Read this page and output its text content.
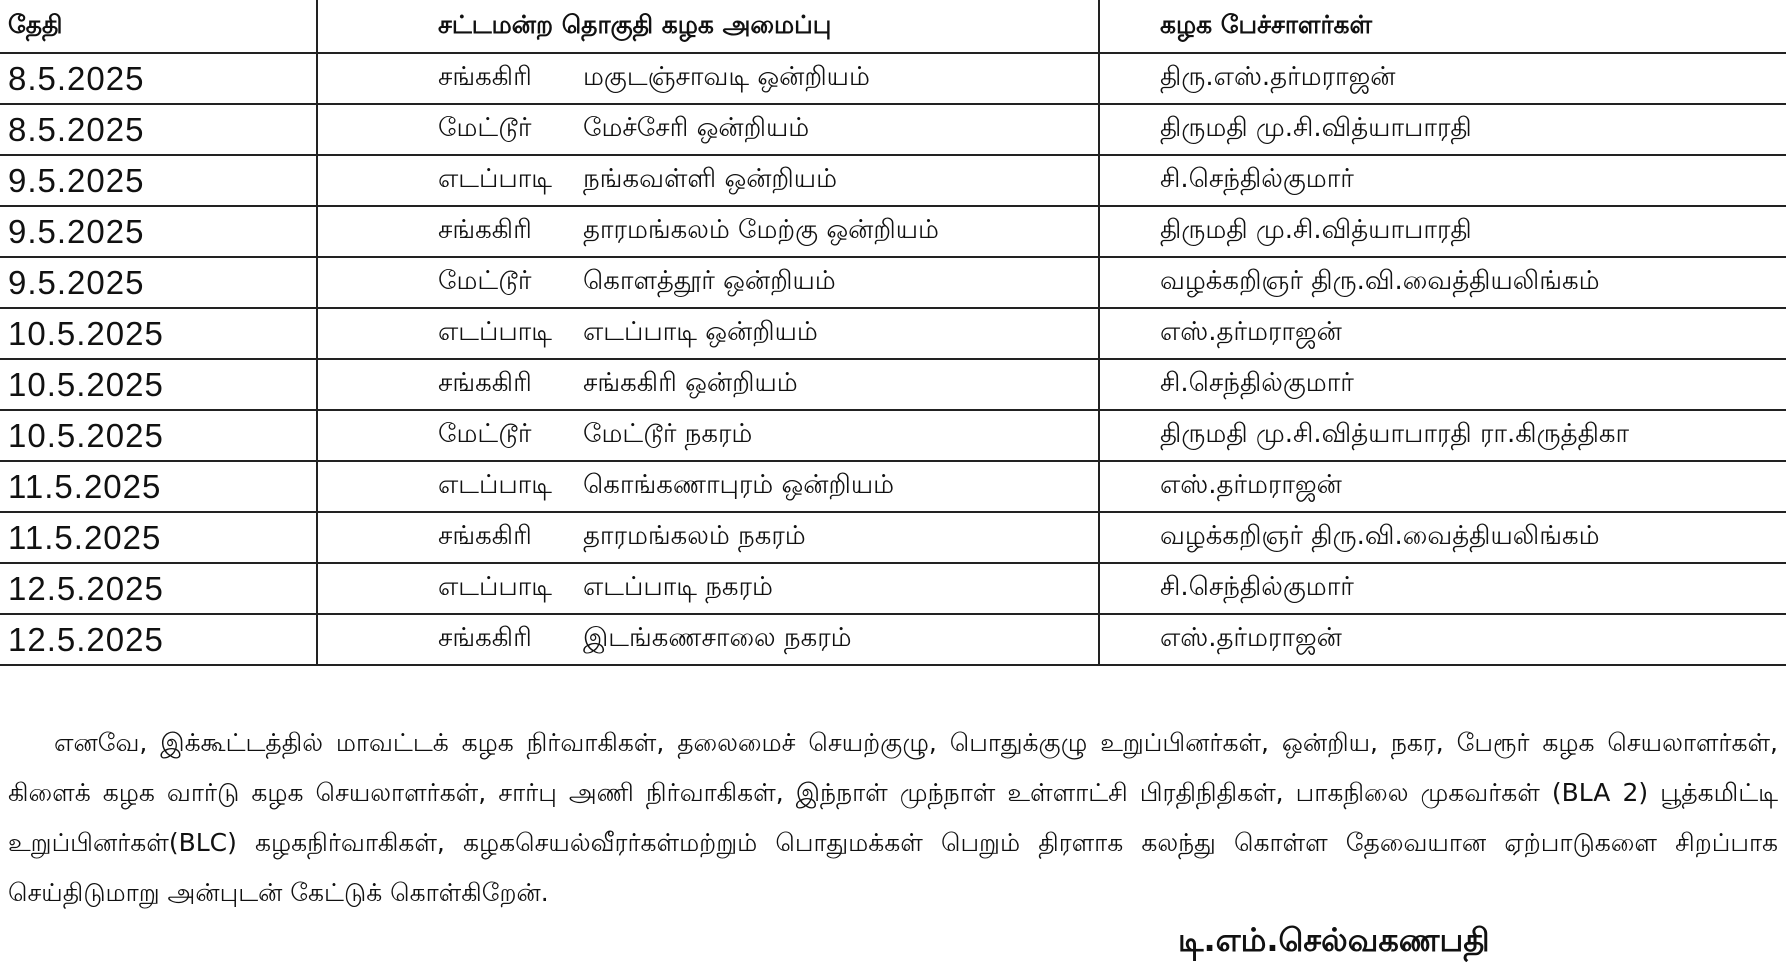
தேதி	சட்டமன்ற தொகுதி கழக அமைப்பு	கழக பேச்சாளர்கள்
8.5.2025	சங்ககிரி மகுடஞ்சாவடி ஒன்றியம்	திரு.எஸ்.தர்மராஜன்
8.5.2025	மேட்டூர் மேச்சேரி ஒன்றியம்	திருமதி மு.சி.வித்யாபாரதி
9.5.2025	எடப்பாடி நங்கவள்ளி ஒன்றியம்	சி.செந்தில்குமார்
9.5.2025	சங்ககிரி தாரமங்கலம் மேற்கு ஒன்றியம்	திருமதி மு.சி.வித்யாபாரதி
9.5.2025	மேட்டூர் கொளத்தூர் ஒன்றியம்	வழக்கறிஞர் திரு.வி.வைத்தியலிங்கம்
10.5.2025	எடப்பாடி எடப்பாடி ஒன்றியம்	எஸ்.தர்மராஜன்
10.5.2025	சங்ககிரி சங்ககிரி ஒன்றியம்	சி.செந்தில்குமார்
10.5.2025	மேட்டூர் மேட்டூர் நகரம்	திருமதி மு.சி.வித்யாபாரதி ரா.கிருத்திகா
11.5.2025	எடப்பாடி கொங்கணாபுரம் ஒன்றியம்	எஸ்.தர்மராஜன்
11.5.2025	சங்ககிரி தாரமங்கலம் நகரம்	வழக்கறிஞர் திரு.வி.வைத்தியலிங்கம்
12.5.2025	எடப்பாடி எடப்பாடி நகரம்	சி.செந்தில்குமார்
12.5.2025	சங்ககிரி இடங்கணசாலை நகரம்	எஸ்.தர்மராஜன்

எனவே, இக்கூட்டத்தில் மாவட்டக் கழக நிர்வாகிகள், தலைமைச் செயற்குழு, பொதுக்குழு உறுப்பினர்கள், ஒன்றிய, நகர, பேரூர் கழக செயலாளர்கள், கிளைக் கழக வார்டு கழக செயலாளர்கள், சார்பு அணி நிர்வாகிகள், இந்நாள் முந்நாள் உள்ளாட்சி பிரதிநிதிகள், பாகநிலை முகவர்கள் (BLA 2) பூத்கமிட்டி உறுப்பினர்கள்(BLC) கழகநிர்வாகிகள், கழகசெயல்வீரர்கள்மற்றும் பொதுமக்கள் பெறும் திரளாக கலந்து கொள்ள தேவையான ஏற்பாடுகளை சிறப்பாக செய்திடுமாறு அன்புடன் கேட்டுக் கொள்கிறேன்.

டி.எம்.செல்வகணபதி
